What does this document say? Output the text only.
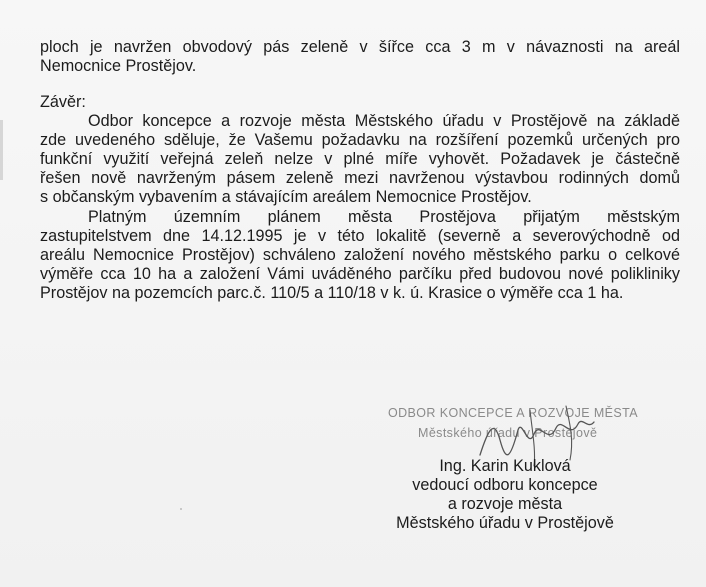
ploch je navržen obvodový pás zeleně v šířce cca 3 m v návaznosti na areál
Nemocnice Prostějov.
Závěr:
Odbor koncepce a rozvoje města Městského úřadu v Prostějově na základě
zde uvedeného sděluje, že Vašemu požadavku na rozšíření pozemků určených pro
funkční využití veřejná zeleň nelze v plné míře vyhovět. Požadavek je částečně
řešen nově navrženým pásem zeleně mezi navrženou výstavbou rodinných domů
s občanským vybavením a stávajícím areálem Nemocnice Prostějov.
Platným územním plánem města Prostějova přijatým městským
zastupitelstvem dne 14.12.1995 je v této lokalitě (severně a severovýchodně od
areálu Nemocnice Prostějov) schváleno založení nového městského parku o celkové
výměře cca 10 ha a založení Vámi uváděného parčíku před budovou nové polikliniky
Prostějov na pozemcích parc.č. 110/5 a 110/18 v k. ú. Krasice o výměře cca 1 ha.
ODBOR KONCEPCE A ROZVOJE MĚSTA
Městského úřadu v Prostějově
Ing. Karin Kuklová
vedoucí odboru koncepce
a rozvoje města
Městského úřadu v Prostějově
